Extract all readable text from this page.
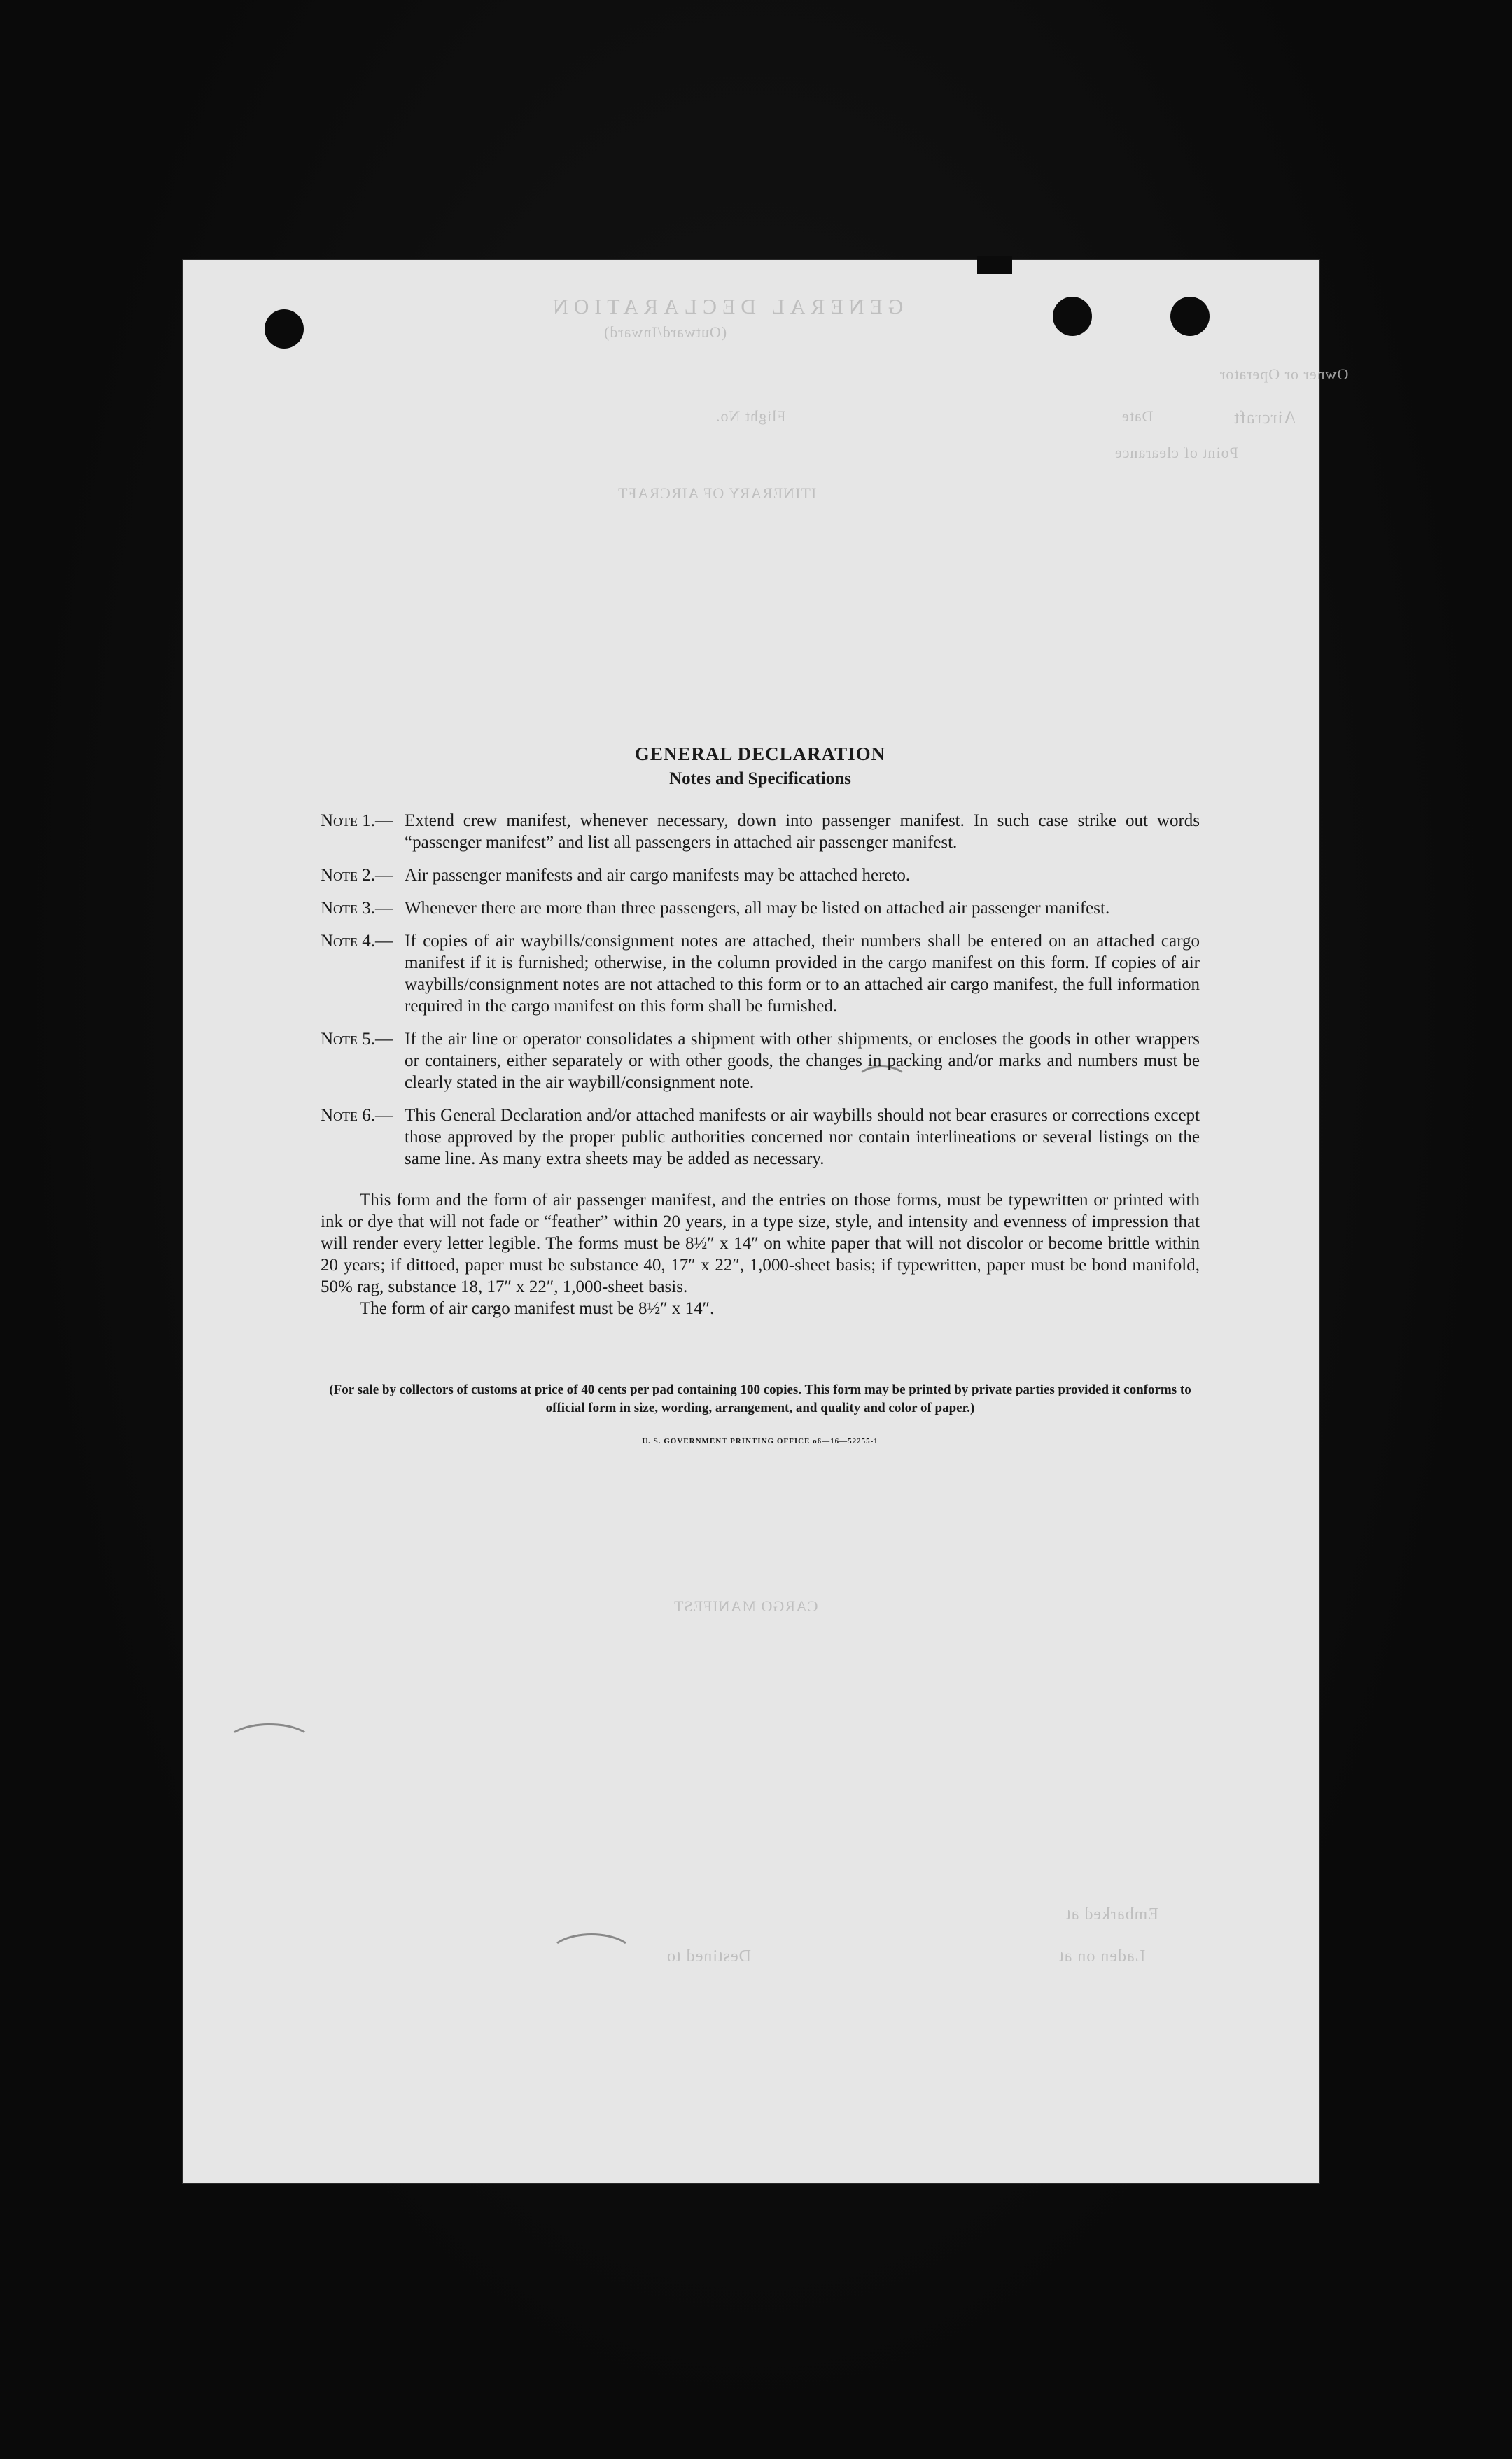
GENERAL DECLARATION
(Outward/Inward)
Owner or Operator
Aircraft
Flight No.	Date
Point of clearance
ITINERARY OF AIRCRAFT
CARGO MANIFEST
Embarked at
Laden on at
Destined to

GENERAL DECLARATION

Notes and Specifications

Note 1.— Extend crew manifest, whenever necessary, down into passenger manifest. In such case strike out words “passenger manifest” and list all passengers in attached air passenger manifest.
Note 2.— Air passenger manifests and air cargo manifests may be attached hereto.
Note 3.— Whenever there are more than three passengers, all may be listed on attached air passenger manifest.
Note 4.— If copies of air waybills/consignment notes are attached, their numbers shall be entered on an attached cargo manifest if it is furnished; otherwise, in the column provided in the cargo manifest on this form. If copies of air waybills/consignment notes are not attached to this form or to an attached air cargo manifest, the full information required in the cargo manifest on this form shall be furnished.
Note 5.— If the air line or operator consolidates a shipment with other shipments, or encloses the goods in other wrappers or containers, either separately or with other goods, the changes in packing and/or marks and numbers must be clearly stated in the air waybill/consignment note.
Note 6.— This General Declaration and/or attached manifests or air waybills should not bear erasures or corrections except those approved by the proper public authorities concerned nor contain interlineations or several listings on the same line. As many extra sheets may be added as necessary.
This form and the form of air passenger manifest, and the entries on those forms, must be typewritten or printed with ink or dye that will not fade or “feather” within 20 years, in a type size, style, and intensity and evenness of impression that will render every letter legible. The forms must be 8½″ x 14″ on white paper that will not discolor or become brittle within 20 years; if dittoed, paper must be substance 40, 17″ x 22″, 1,000-sheet basis; if typewritten, paper must be bond manifold, 50% rag, substance 18, 17″ x 22″, 1,000-sheet basis.
The form of air cargo manifest must be 8½″ x 14″.
(For sale by collectors of customs at price of 40 cents per pad containing 100 copies. This form may be printed by private parties provided it conforms to official form in size, wording, arrangement, and quality and color of paper.)
U. S. GOVERNMENT PRINTING OFFICE o6—16—52255-1
